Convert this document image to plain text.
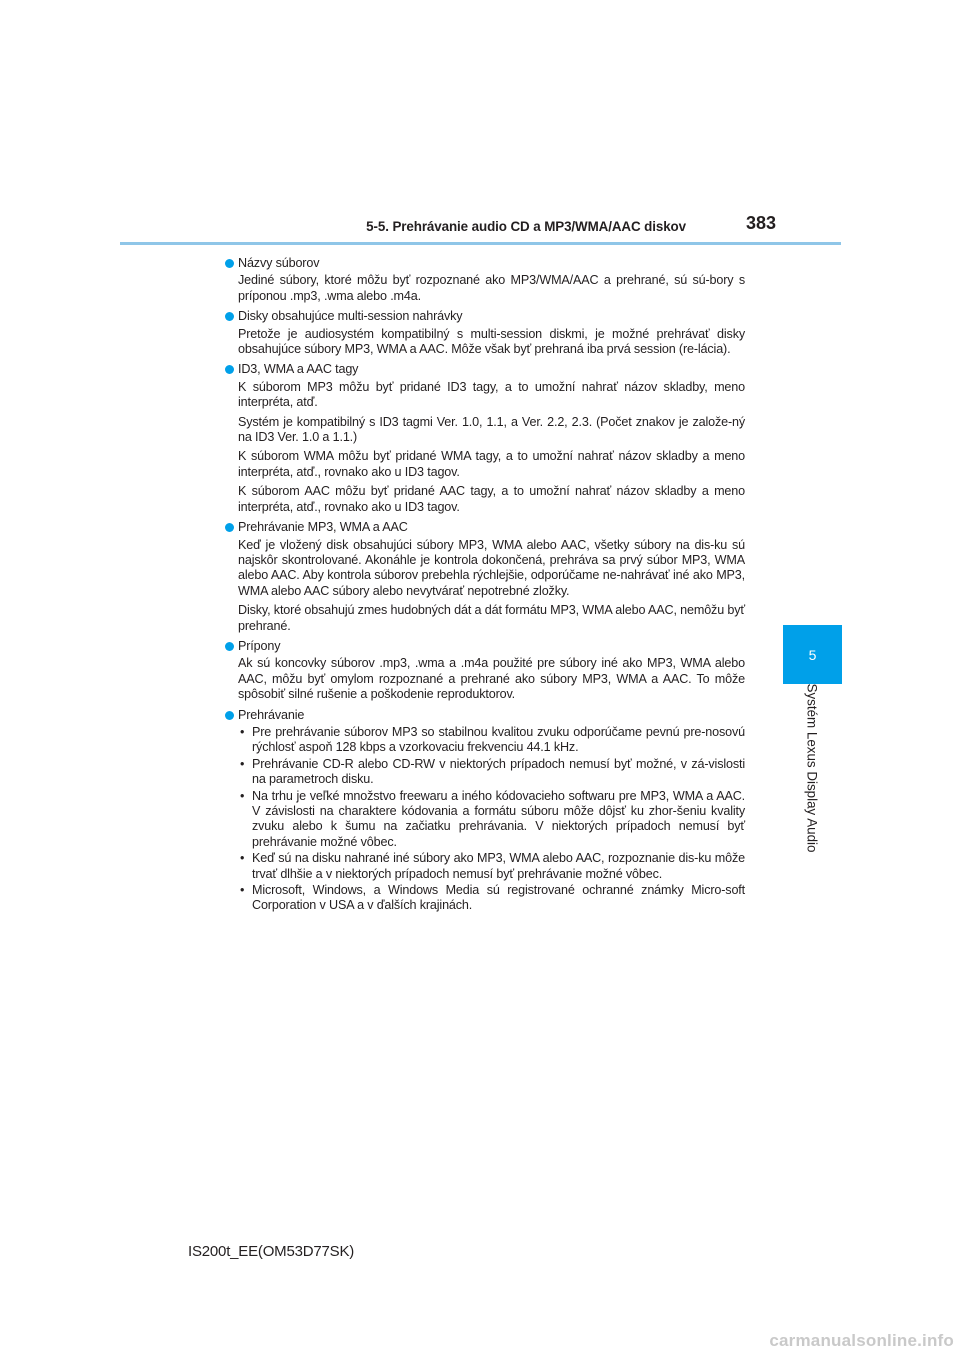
5-5. Prehrávanie audio CD a MP3/WMA/AAC diskov	383
5
Systém Lexus Display Audio
Názvy súborov
Jediné súbory, ktoré môžu byť rozpoznané ako MP3/WMA/AAC a prehrané, sú sú-bory s príponou .mp3, .wma alebo .m4a.
Disky obsahujúce multi-session nahrávky
Pretože je audiosystém kompatibilný s multi-session diskmi, je možné prehrávať disky obsahujúce súbory MP3, WMA a AAC. Môže však byť prehraná iba prvá session (re-lácia).
ID3, WMA a AAC tagy
K súborom MP3 môžu byť pridané ID3 tagy, a to umožní nahrať názov skladby, meno interpréta, atď.
Systém je kompatibilný s ID3 tagmi Ver. 1.0, 1.1, a Ver. 2.2, 2.3. (Počet znakov je založe-ný na ID3 Ver. 1.0 a 1.1.)
K súborom WMA môžu byť pridané WMA tagy, a to umožní nahrať názov skladby a meno interpréta, atď., rovnako ako u ID3 tagov.
K súborom AAC môžu byť pridané AAC tagy, a to umožní nahrať názov skladby a meno interpréta, atď., rovnako ako u ID3 tagov.
Prehrávanie MP3, WMA a AAC
Keď je vložený disk obsahujúci súbory MP3, WMA alebo AAC, všetky súbory na dis-ku sú najskôr skontrolované. Akonáhle je kontrola dokončená, prehráva sa prvý súbor MP3, WMA alebo AAC. Aby kontrola súborov prebehla rýchlejšie, odporúčame ne-nahrávať iné ako MP3, WMA alebo AAC súbory alebo nevytvárať nepotrebné zložky.
Disky, ktoré obsahujú zmes hudobných dát a dát formátu MP3, WMA alebo AAC, nemôžu byť prehrané.
Prípony
Ak sú koncovky súborov .mp3, .wma a .m4a použité pre súbory iné ako MP3, WMA alebo AAC, môžu byť omylom rozpoznané a prehrané ako súbory MP3, WMA a AAC. To môže spôsobiť silné rušenie a poškodenie reproduktorov.
Prehrávanie
• Pre prehrávanie súborov MP3 so stabilnou kvalitou zvuku odporúčame pevnú pre-nosovú rýchlosť aspoň 128 kbps a vzorkovaciu frekvenciu 44.1 kHz.
• Prehrávanie CD-R alebo CD-RW v niektorých prípadoch nemusí byť možné, v zá-vislosti na parametroch disku.
• Na trhu je veľké množstvo freewaru a iného kódovacieho softwaru pre MP3, WMA a AAC. V závislosti na charaktere kódovania a formátu súboru môže dôjsť ku zhor-šeniu kvality zvuku alebo k šumu na začiatku prehrávania. V niektorých prípadoch nemusí byť prehrávanie možné vôbec.
• Keď sú na disku nahrané iné súbory ako MP3, WMA alebo AAC, rozpoznanie dis-ku môže trvať dlhšie a v niektorých prípadoch nemusí byť prehrávanie možné vôbec.
• Microsoft, Windows, a Windows Media sú registrované ochranné známky Micro-soft Corporation v USA a v ďalších krajinách.
IS200t_EE(OM53D77SK)
carmanualsonline.info
